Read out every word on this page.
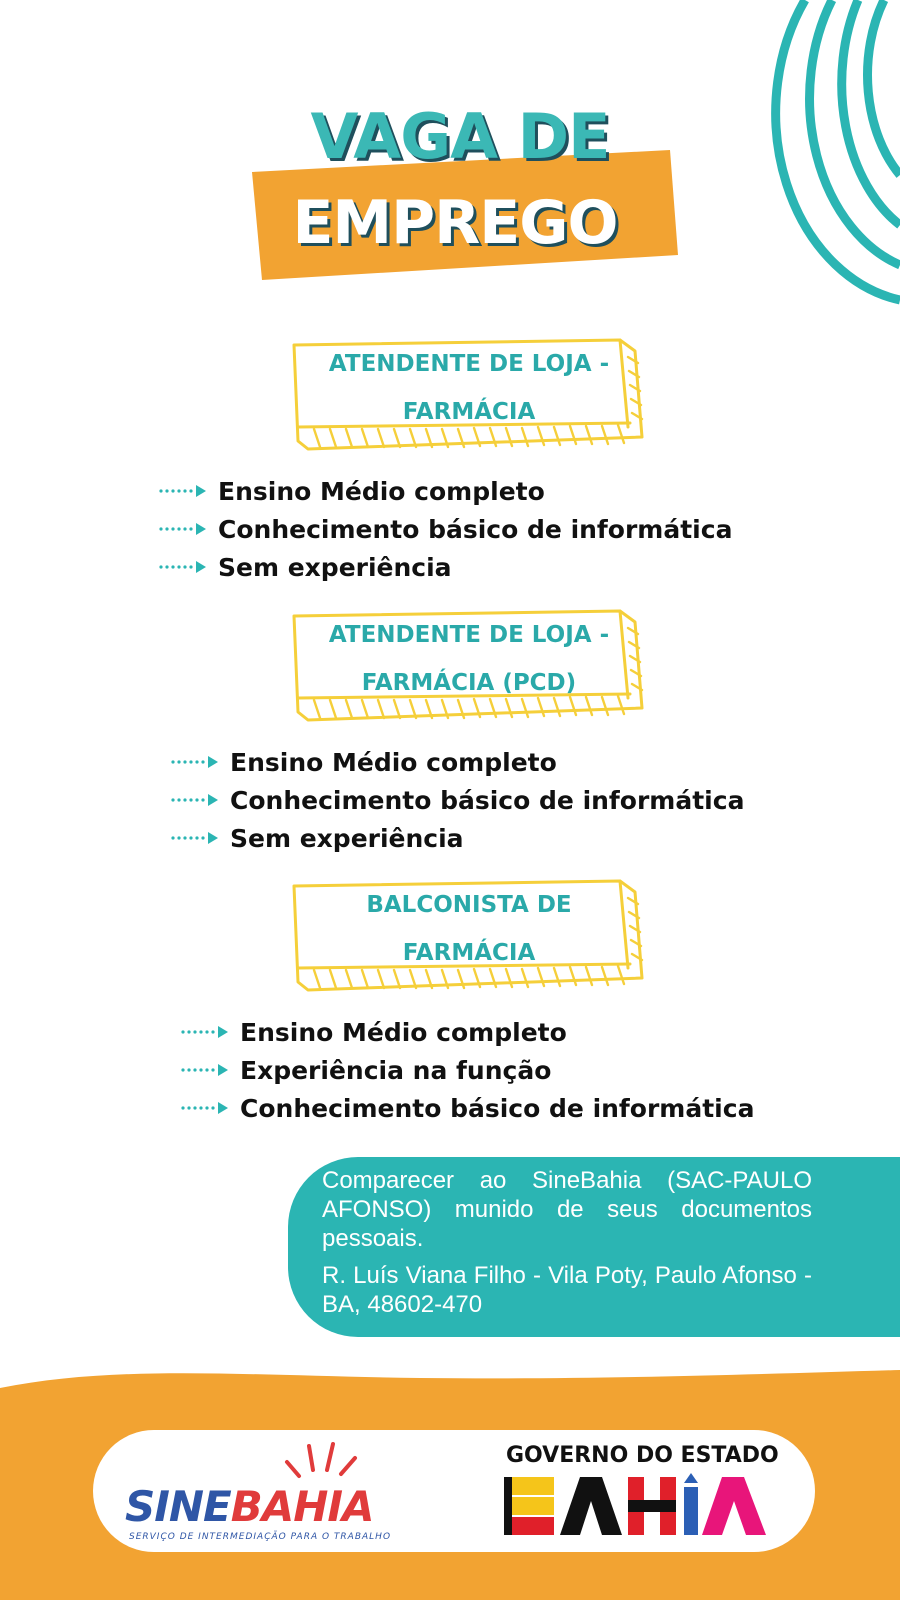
VAGA DE
EMPREGO
ATENDENTE DE LOJA -
FARMÁCIA
Ensino Médio completo
Conhecimento básico de informática
Sem experiência
ATENDENTE DE LOJA -
FARMÁCIA (PCD)
Ensino Médio completo
Conhecimento básico de informática
Sem experiência
BALCONISTA DE
FARMÁCIA
Ensino Médio completo
Experiência na função
Conhecimento básico de informática

Comparecer ao SineBahia (SAC-PAULO AFONSO) munido de seus documentos pessoais.

R. Luís Viana Filho - Vila Poty, Paulo Afonso - BA, 48602-470

SINEBAHIA
SERVIÇO DE INTERMEDIAÇÃO PARA O TRABALHO
GOVERNO DO ESTADO
